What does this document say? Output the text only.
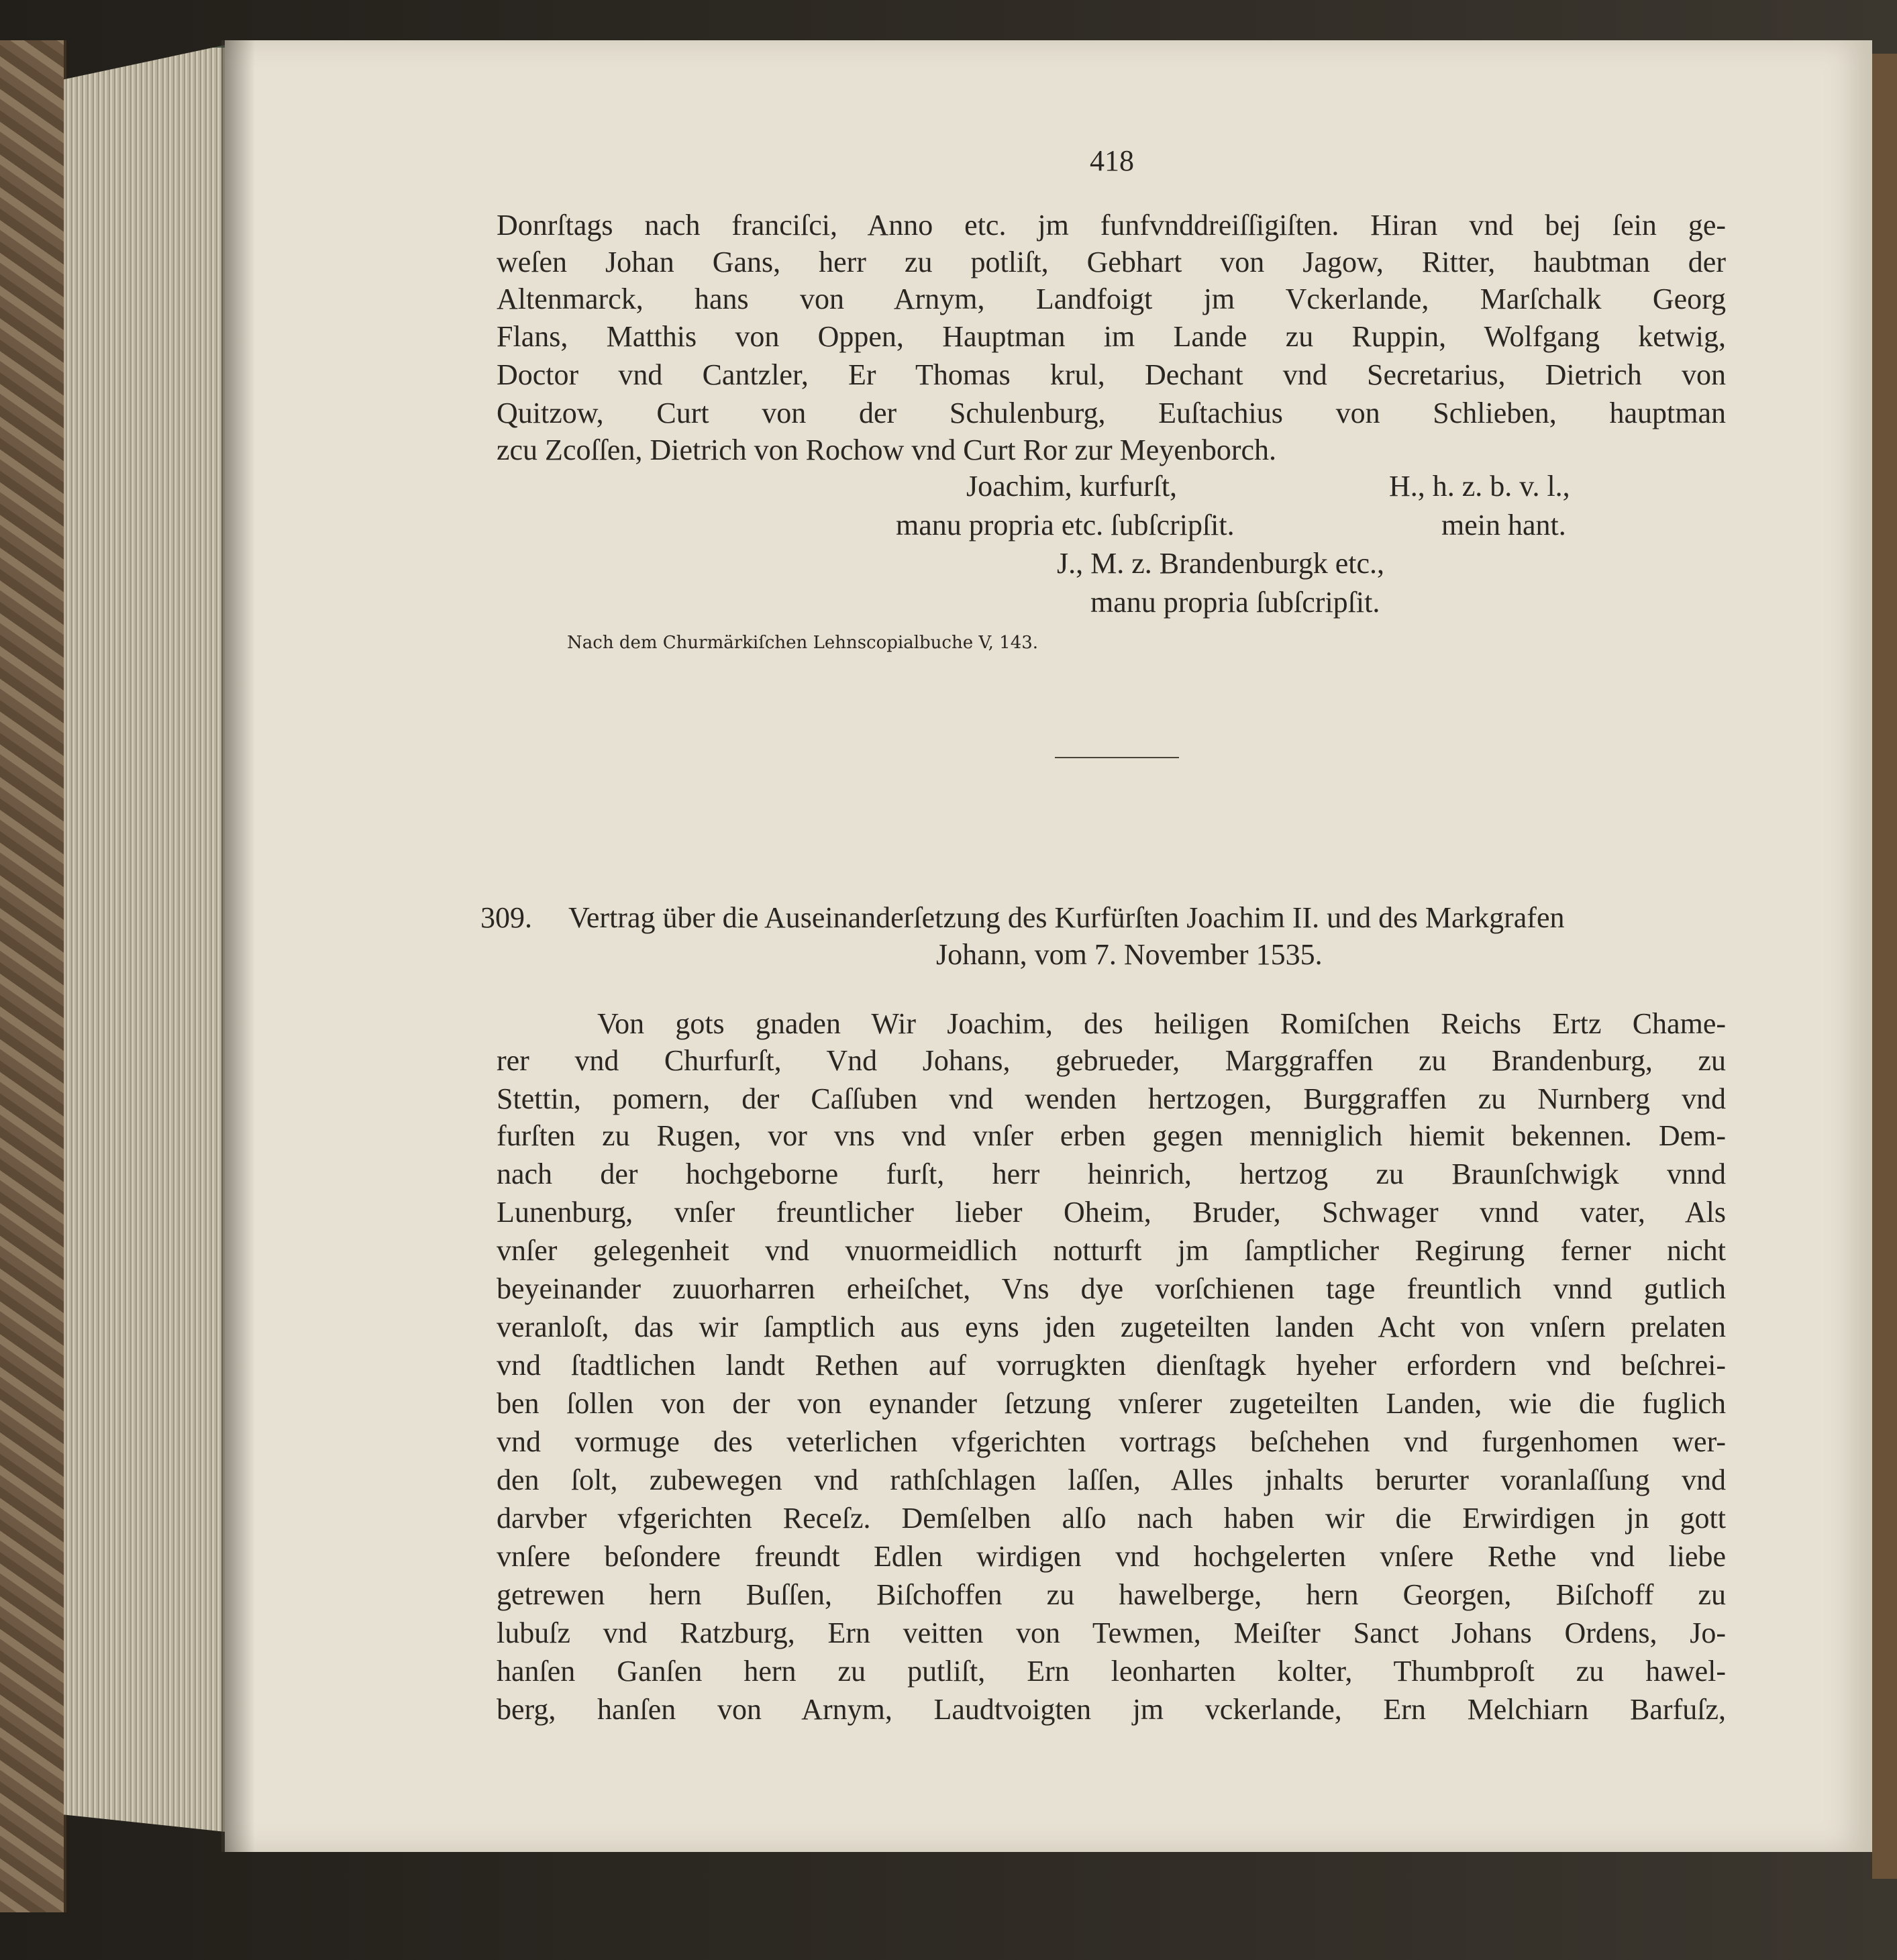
418
Donrſtags nach franciſci, Anno etc. jm funfvnddreiſſigiſten. Hiran vnd bej ſein ge-
weſen Johan Gans, herr zu potliſt, Gebhart von Jagow, Ritter, haubtman der
Altenmarck, hans von Arnym, Landfoigt jm Vckerlande, Marſchalk Georg
Flans, Matthis von Oppen, Hauptman im Lande zu Ruppin, Wolfgang ketwig,
Doctor vnd Cantzler, Er Thomas krul, Dechant vnd Secretarius, Dietrich von
Quitzow, Curt von der Schulenburg, Euſtachius von Schlieben, hauptman
zcu Zcoſſen, Dietrich von Rochow vnd Curt Ror zur Meyenborch.
Joachim, kurfurſt,	H., h. z. b. v. l.,
manu propria etc. ſubſcripſit.	mein hant.
J., M. z. Brandenburgk etc.,
manu propria ſubſcripſit.
Nach dem Churmärkiſchen Lehnscopialbuche V, 143.
309. Vertrag über die Auseinanderſetzung des Kurfürſten Joachim II. und des Markgrafen
Johann, vom 7. November 1535.
Von gots gnaden Wir Joachim, des heiligen Romiſchen Reichs Ertz Chame-
rer vnd Churfurſt, Vnd Johans, gebrueder, Marggraffen zu Brandenburg, zu
Stettin, pomern, der Caſſuben vnd wenden hertzogen, Burggraffen zu Nurnberg vnd
furſten zu Rugen, vor vns vnd vnſer erben gegen menniglich hiemit bekennen. Dem-
nach der hochgeborne furſt, herr heinrich, hertzog zu Braunſchwigk vnnd
Lunenburg, vnſer freuntlicher lieber Oheim, Bruder, Schwager vnnd vater, Als
vnſer gelegenheit vnd vnuormeidlich notturft jm ſamptlicher Regirung ferner nicht
beyeinander zuuorharren erheiſchet, Vns dye vorſchienen tage freuntlich vnnd gutlich
veranloſt, das wir ſamptlich aus eyns jden zugeteilten landen Acht von vnſern prelaten
vnd ſtadtlichen landt Rethen auf vorrugkten dienſtagk hyeher erfordern vnd beſchrei-
ben ſollen von der von eynander ſetzung vnſerer zugeteilten Landen, wie die fuglich
vnd vormuge des veterlichen vfgerichten vortrags beſchehen vnd furgenhomen wer-
den ſolt, zubewegen vnd rathſchlagen laſſen, Alles jnhalts berurter voranlaſſung vnd
darvber vfgerichten Receſz. Demſelben alſo nach haben wir die Erwirdigen jn gott
vnſere beſondere freundt Edlen wirdigen vnd hochgelerten vnſere Rethe vnd liebe
getrewen hern Buſſen, Biſchoffen zu hawelberge, hern Georgen, Biſchoff zu
lubuſz vnd Ratzburg, Ern veitten von Tewmen, Meiſter Sanct Johans Ordens, Jo-
hanſen Ganſen hern zu putliſt, Ern leonharten kolter, Thumbproſt zu hawel-
berg, hanſen von Arnym, Laudtvoigten jm vckerlande, Ern Melchiarn Barfuſz,
